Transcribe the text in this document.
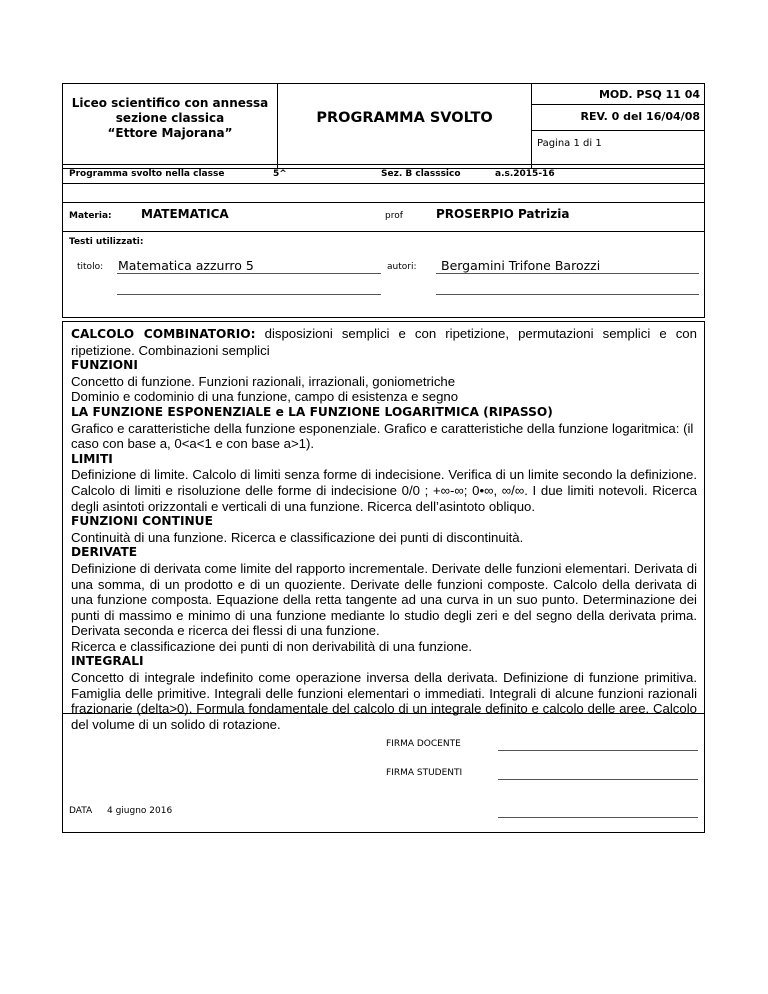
Liceo scientifico con annessa
sezione classica
“Ettore Majorana”
PROGRAMMA SVOLTO
MOD. PSQ 11 04
REV. 0 del 16/04/08
Pagina 1 di 1
Programma svolto nella classe	5^	Sez. B classsico	a.s.2015-16
Materia: MATEMATICA	prof	PROSERPIO Patrizia
Testi utilizzati:
titolo: Matematica azzurro 5	autori: Bergamini Trifone Barozzi

CALCOLO COMBINATORIO: disposizioni semplici e con ripetizione, permutazioni semplici e con ripetizione. Combinazioni semplici

FUNZIONI

Concetto di funzione. Funzioni razionali, irrazionali, goniometriche

Dominio e codominio di una funzione, campo di esistenza e segno

LA FUNZIONE ESPONENZIALE e LA FUNZIONE LOGARITMICA (RIPASSO)

Grafico e caratteristiche della funzione esponenziale. Grafico e caratteristiche della funzione logaritmica: (il caso con base a, 0<a<1 e con base a>1).

LIMITI

Definizione di limite. Calcolo di limiti senza forme di indecisione. Verifica di un limite secondo la definizione. Calcolo di limiti e risoluzione delle forme di indecisione 0/0 ; +∞-∞; 0•∞, ∞/∞. I due limiti notevoli. Ricerca degli asintoti orizzontali e verticali di una funzione. Ricerca dell’asintoto obliquo.

FUNZIONI CONTINUE

Continuità di una funzione. Ricerca e classificazione dei punti di discontinuità.

DERIVATE

Definizione di derivata come limite del rapporto incrementale. Derivate delle funzioni elementari. Derivata di una somma, di un prodotto e di un quoziente. Derivate delle funzioni composte. Calcolo della derivata di una funzione composta. Equazione della retta tangente ad una curva in un suo punto. Determinazione dei punti di massimo e minimo di una funzione mediante lo studio degli zeri e del segno della derivata prima. Derivata seconda e ricerca dei flessi di una funzione.

Ricerca e classificazione dei punti di non derivabilità di una funzione.

INTEGRALI

Concetto di integrale indefinito come operazione inversa della derivata. Definizione di funzione primitiva. Famiglia delle primitive. Integrali delle funzioni elementari o immediati. Integrali di alcune funzioni razionali frazionarie (delta>0). Formula fondamentale del calcolo di un integrale definito e calcolo delle aree. Calcolo del volume di un solido di rotazione.

FIRMA DOCENTE
FIRMA STUDENTI
DATA 4 giugno 2016
